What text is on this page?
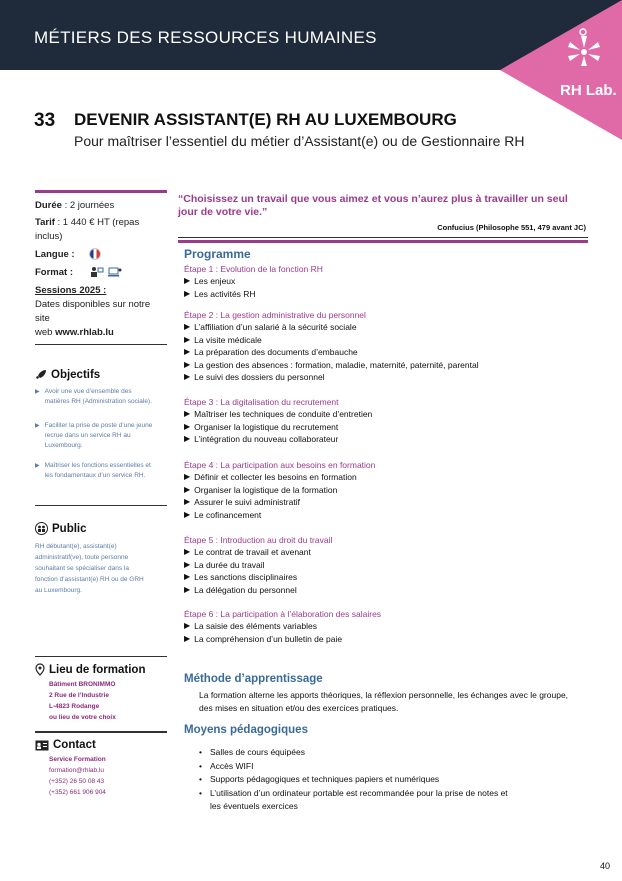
MÉTIERS DES RESSOURCES HUMAINES
RH Lab.
33 DEVENIR ASSISTANT(E) RH AU LUXEMBOURG
Pour maîtriser l’essentiel du métier d’Assistant(e) ou de Gestionnaire RH
Durée : 2 journées
Tarif : 1 440 € HT (repas inclus)
Langue :
Format :
Sessions 2025 :
Dates disponibles sur notre site
web www.rhlab.lu
Objectifs
▶ Avoir une vue d’ensemble des
matières RH (Administration sociale).
▶ Faciliter la prise de poste d’une jeune
recrue dans un service RH au
Luxembourg.
▶ Maîtriser les fonctions essentielles et
les fondamentaux d’un service RH.
Public
RH débutant(e), assistant(e)
administratif(ve), toute personne
souhaitant se spécialiser dans la
fonction d’assistant(e) RH ou de GRH
au Luxembourg.
Lieu de formation
Bâtiment BRONIMMO
2 Rue de l’Industrie
L-4823 Rodange
ou lieu de votre choix
Contact
Service Formation
formation@rhlab.lu
(+352) 26 50 08 43
(+352) 661 906 904
“Choisissez un travail que vous aimez et vous n’aurez plus à travailler un seul jour de votre vie.”
Confucius (Philosophe 551, 479 avant JC)
Programme
Étape 1 : Evolution de la fonction RH
▶ Les enjeux
▶ Les activités RH
Étape 2 : La gestion administrative du personnel
▶ L’affiliation d’un salarié à la sécurité sociale
▶ La visite médicale
▶ La préparation des documents d’embauche
▶ La gestion des absences : formation, maladie, maternité, paternité, parental
▶ Le suivi des dossiers du personnel
Étape 3 : La digitalisation du recrutement
▶ Maîtriser les techniques de conduite d’entretien
▶ Organiser la logistique du recrutement
▶ L’intégration du nouveau collaborateur
Étape 4 : La participation aux besoins en formation
▶ Définir et collecter les besoins en formation
▶ Organiser la logistique de la formation
▶ Assurer le suivi administratif
▶ Le cofinancement
Étape 5 : Introduction au droit du travail
▶ Le contrat de travail et avenant
▶ La durée du travail
▶ Les sanctions disciplinaires
▶ La délégation du personnel
Étape 6 : La participation à l’élaboration des salaires
▶ La saisie des éléments variables
▶ La compréhension d’un bulletin de paie
Méthode d’apprentissage
La formation alterne les apports théoriques, la réflexion personnelle, les échanges avec le groupe,
des mises en situation et/ou des exercices pratiques.
Moyens pédagogiques
• Salles de cours équipées
• Accès WIFI
• Supports pédagogiques et techniques papiers et numériques
• L’utilisation d’un ordinateur portable est recommandée pour la prise de notes et
les éventuels exercices
40
